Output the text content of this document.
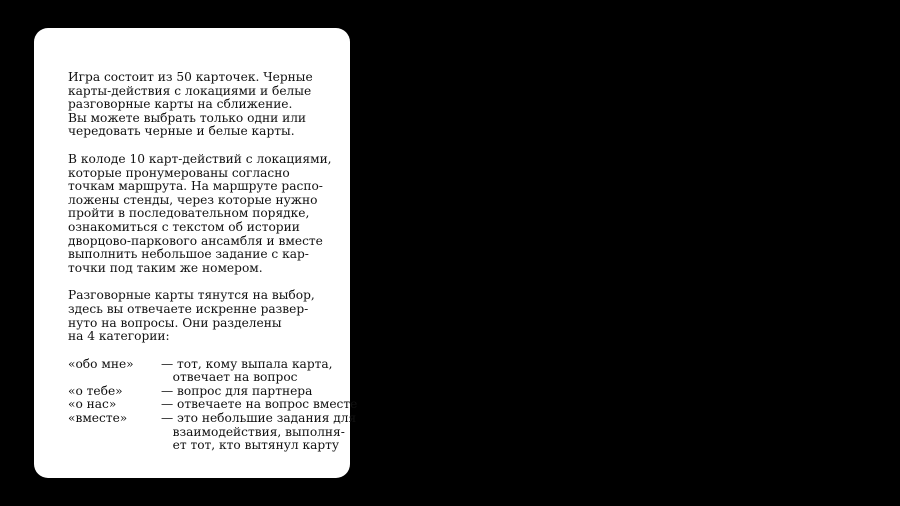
Игра состоит из 50 карточек. Черные
карты-действия с локациями и белые
разговорные карты на сближение.
Вы можете выбрать только одни или
чередовать черные и белые карты.

В колоде 10 карт-действий с локациями,
которые пронумерованы согласно
точкам маршрута. На маршруте распо-
ложены стенды, через которые нужно
пройти в последовательном порядке,
ознакомиться с текстом об истории
дворцово-паркового ансамбля и вместе
выполнить небольшое задание с кар-
точки под таким же номером.

Разговорные карты тянутся на выбор,
здесь вы отвечаете искренне развер-
нуто на вопросы. Они разделены
на 4 категории:

«обо мне»	— тот, кому выпала карта,
отвечает на вопрос
«о тебе»	— вопрос для партнера
«о нас»	— отвечаете на вопрос вместе
«вместе»	— это небольшие задания для
взаимодействия, выполня-
ет тот, кто вытянул карту
